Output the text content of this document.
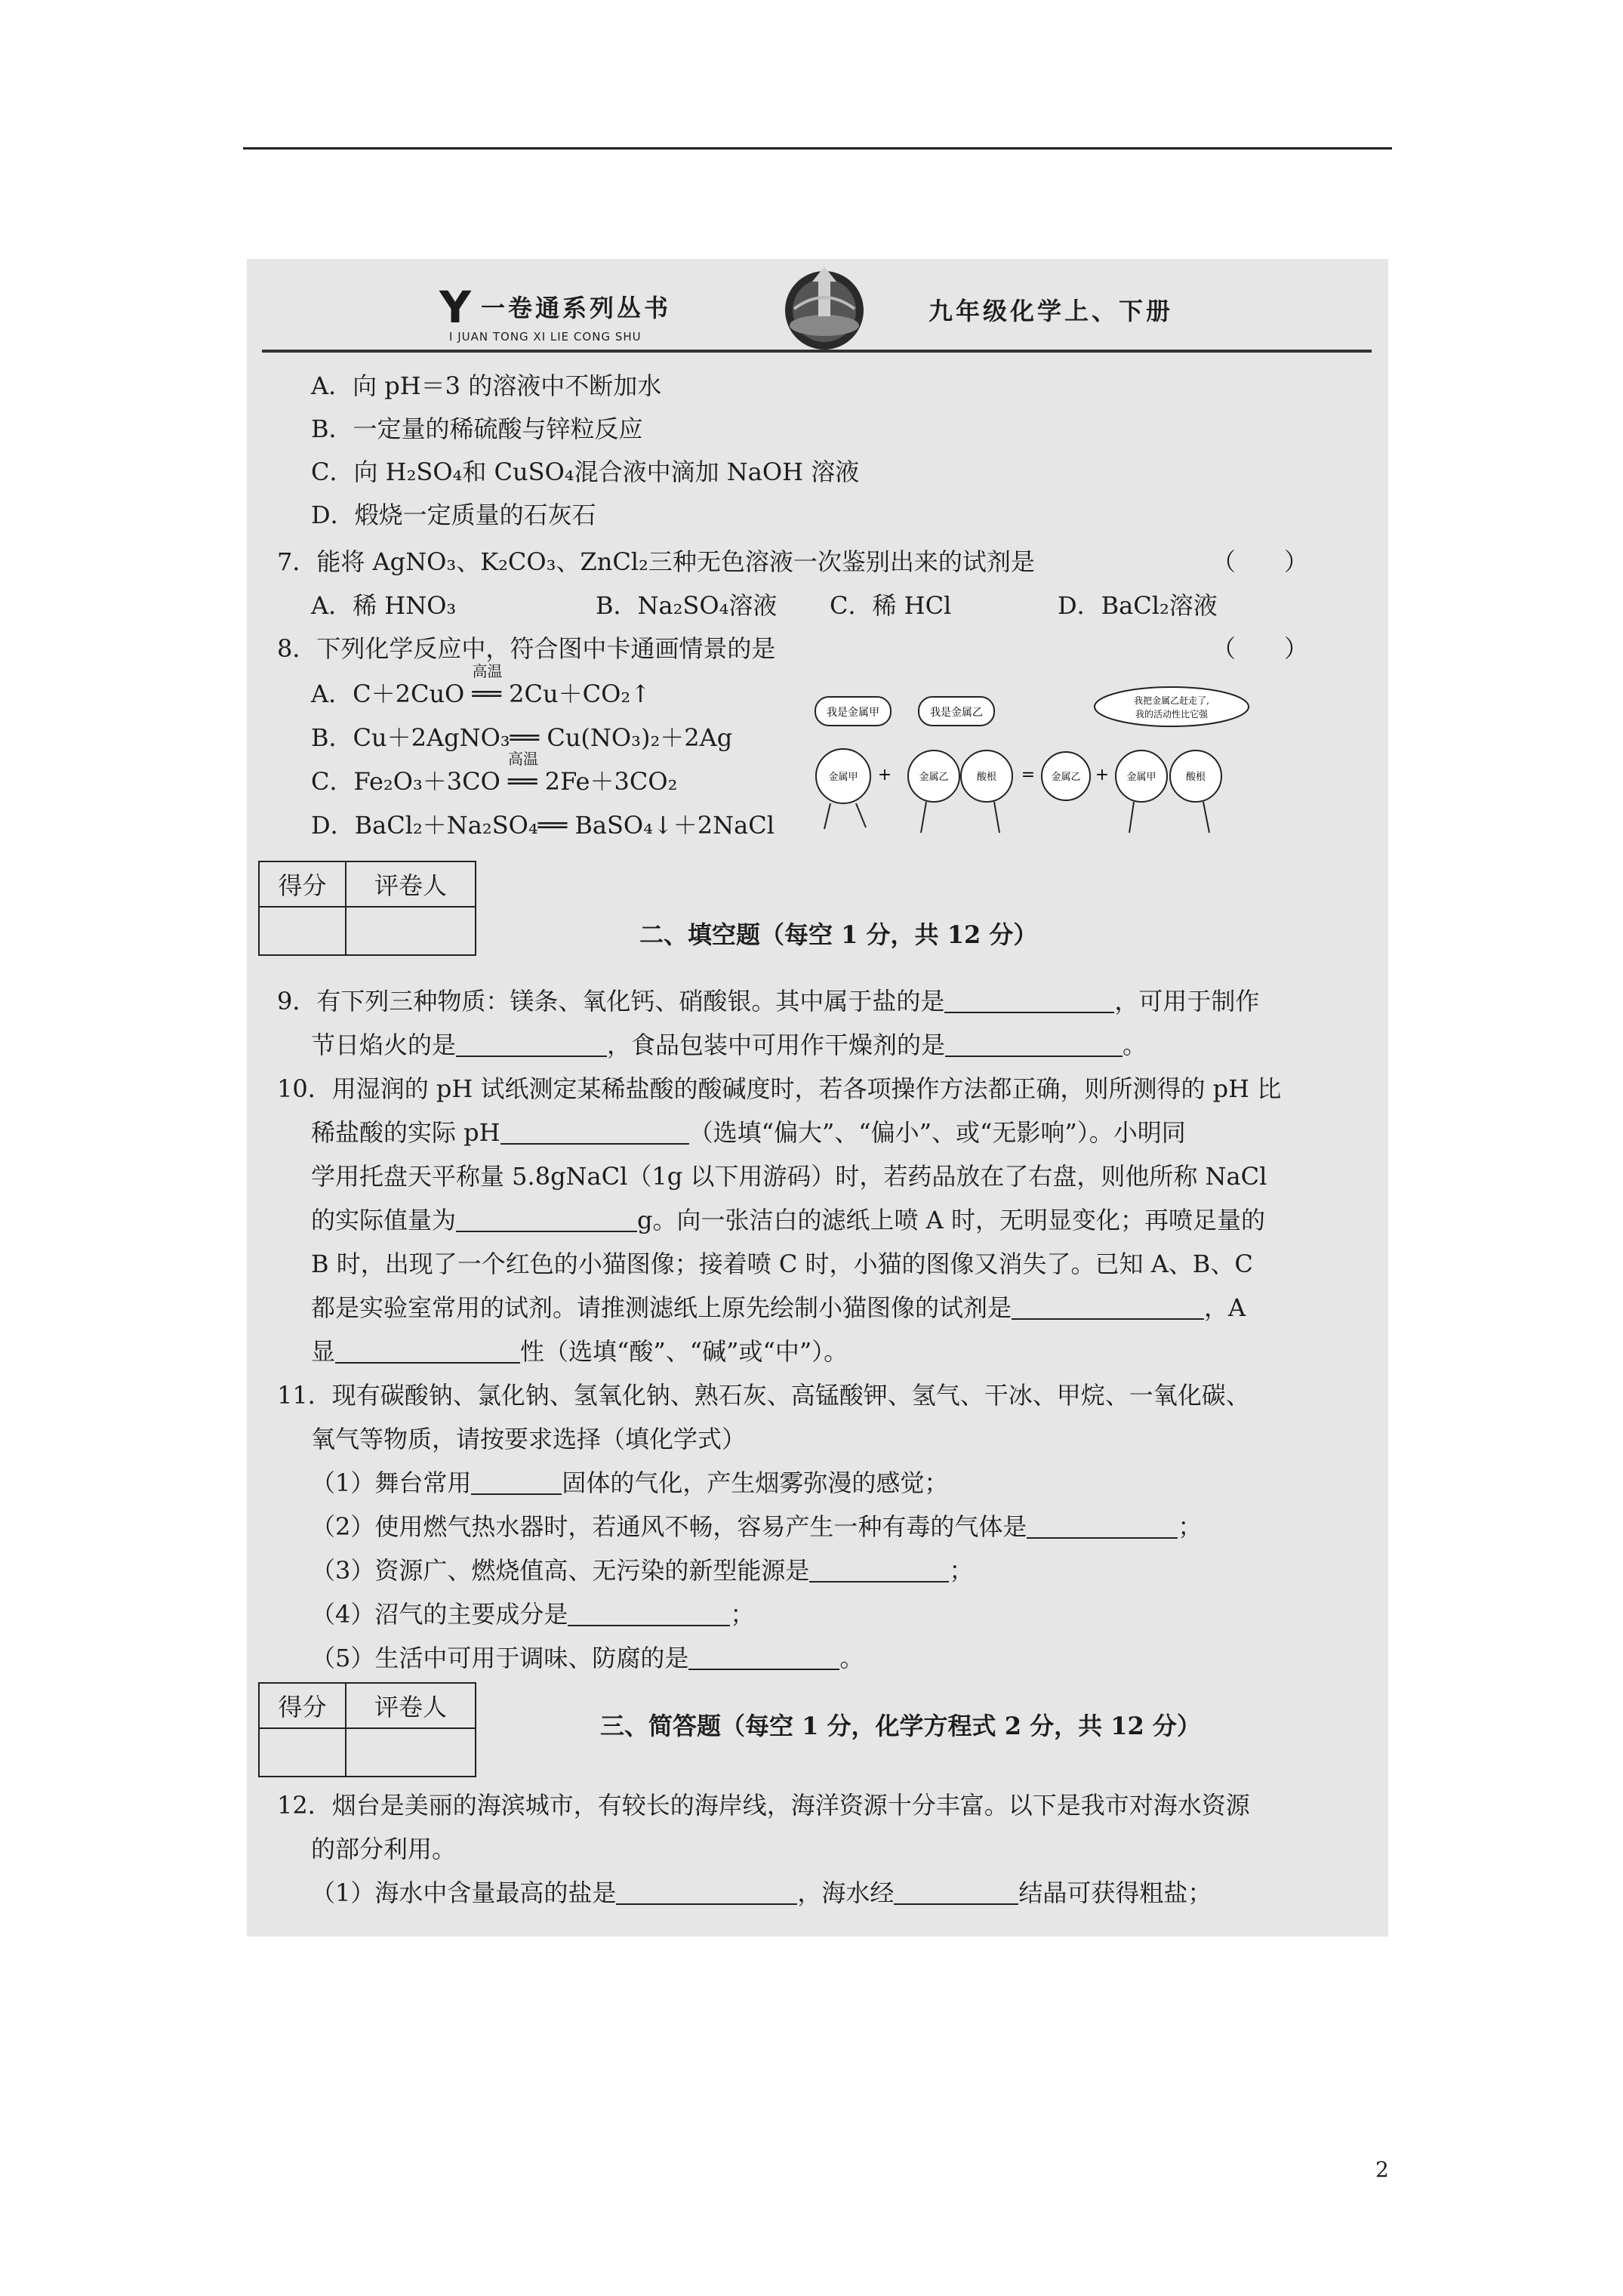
Y 一卷通系列丛书
I JUAN TONG XI LIE CONG SHU
九年级化学上、下册
A．向 pH＝3 的溶液中不断加水
B．一定量的稀硫酸与锌粒反应
C．向 H₂SO₄和 CuSO₄混合液中滴加 NaOH 溶液
D．煅烧一定质量的石灰石
7．能将 AgNO₃、K₂CO₃、ZnCl₂三种无色溶液一次鉴别出来的试剂是	（　　）
A．稀 HNO₃	B．Na₂SO₄溶液 C．稀 HCl	D．BaCl₂溶液
8．下列化学反应中，符合图中卡通画情景的是	（　　）
A．C＋2CuO
高温
══ 2Cu＋CO₂↑
B．Cu＋2AgNO₃══ Cu(NO₃)₂＋2Ag
C．Fe₂O₃＋3CO
高温
══ 2Fe＋3CO₂
D．BaCl₂＋Na₂SO₄══ BaSO₄↓＋2NaCl
我是金属甲	我是金属乙
我把金属乙赶走了,
我的活动性比它强
金属甲 +	金属乙	酸根 = 金属乙 + 金属甲	酸根
得分	评卷人

二、填空题（每空 1 分，共 12 分）
9．有下列三种物质：镁条、氧化钙、硝酸银。其中属于盐的是	，可用于制作
节日焰火的是	，食品包装中可用作干燥剂的是	。
10．用湿润的 pH 试纸测定某稀盐酸的酸碱度时，若各项操作方法都正确，则所测得的 pH 比
稀盐酸的实际 pH	（选填“偏大”、“偏小”、或“无影响”）。小明同
学用托盘天平称量 5.8gNaCl（1g 以下用游码）时，若药品放在了右盘，则他所称 NaCl
的实际值量为	g。向一张洁白的滤纸上喷 A 时，无明显变化；再喷足量的
B 时，出现了一个红色的小猫图像；接着喷 C 时，小猫的图像又消失了。已知 A、B、C
都是实验室常用的试剂。请推测滤纸上原先绘制小猫图像的试剂是	，A
显	性（选填“酸”、“碱”或“中”）。
11．现有碳酸钠、氯化钠、氢氧化钠、熟石灰、高锰酸钾、氢气、干冰、甲烷、一氧化碳、
氧气等物质，请按要求选择（填化学式）
（1）舞台常用	固体的气化，产生烟雾弥漫的感觉；
（2）使用燃气热水器时，若通风不畅，容易产生一种有毒的气体是	；
（3）资源广、燃烧值高、无污染的新型能源是	；
（4）沼气的主要成分是	；
（5）生活中可用于调味、防腐的是	。
得分	评卷人

三、简答题（每空 1 分，化学方程式 2 分，共 12 分）
12．烟台是美丽的海滨城市，有较长的海岸线，海洋资源十分丰富。以下是我市对海水资源
的部分利用。
（1）海水中含量最高的盐是	，海水经	结晶可获得粗盐；
2
